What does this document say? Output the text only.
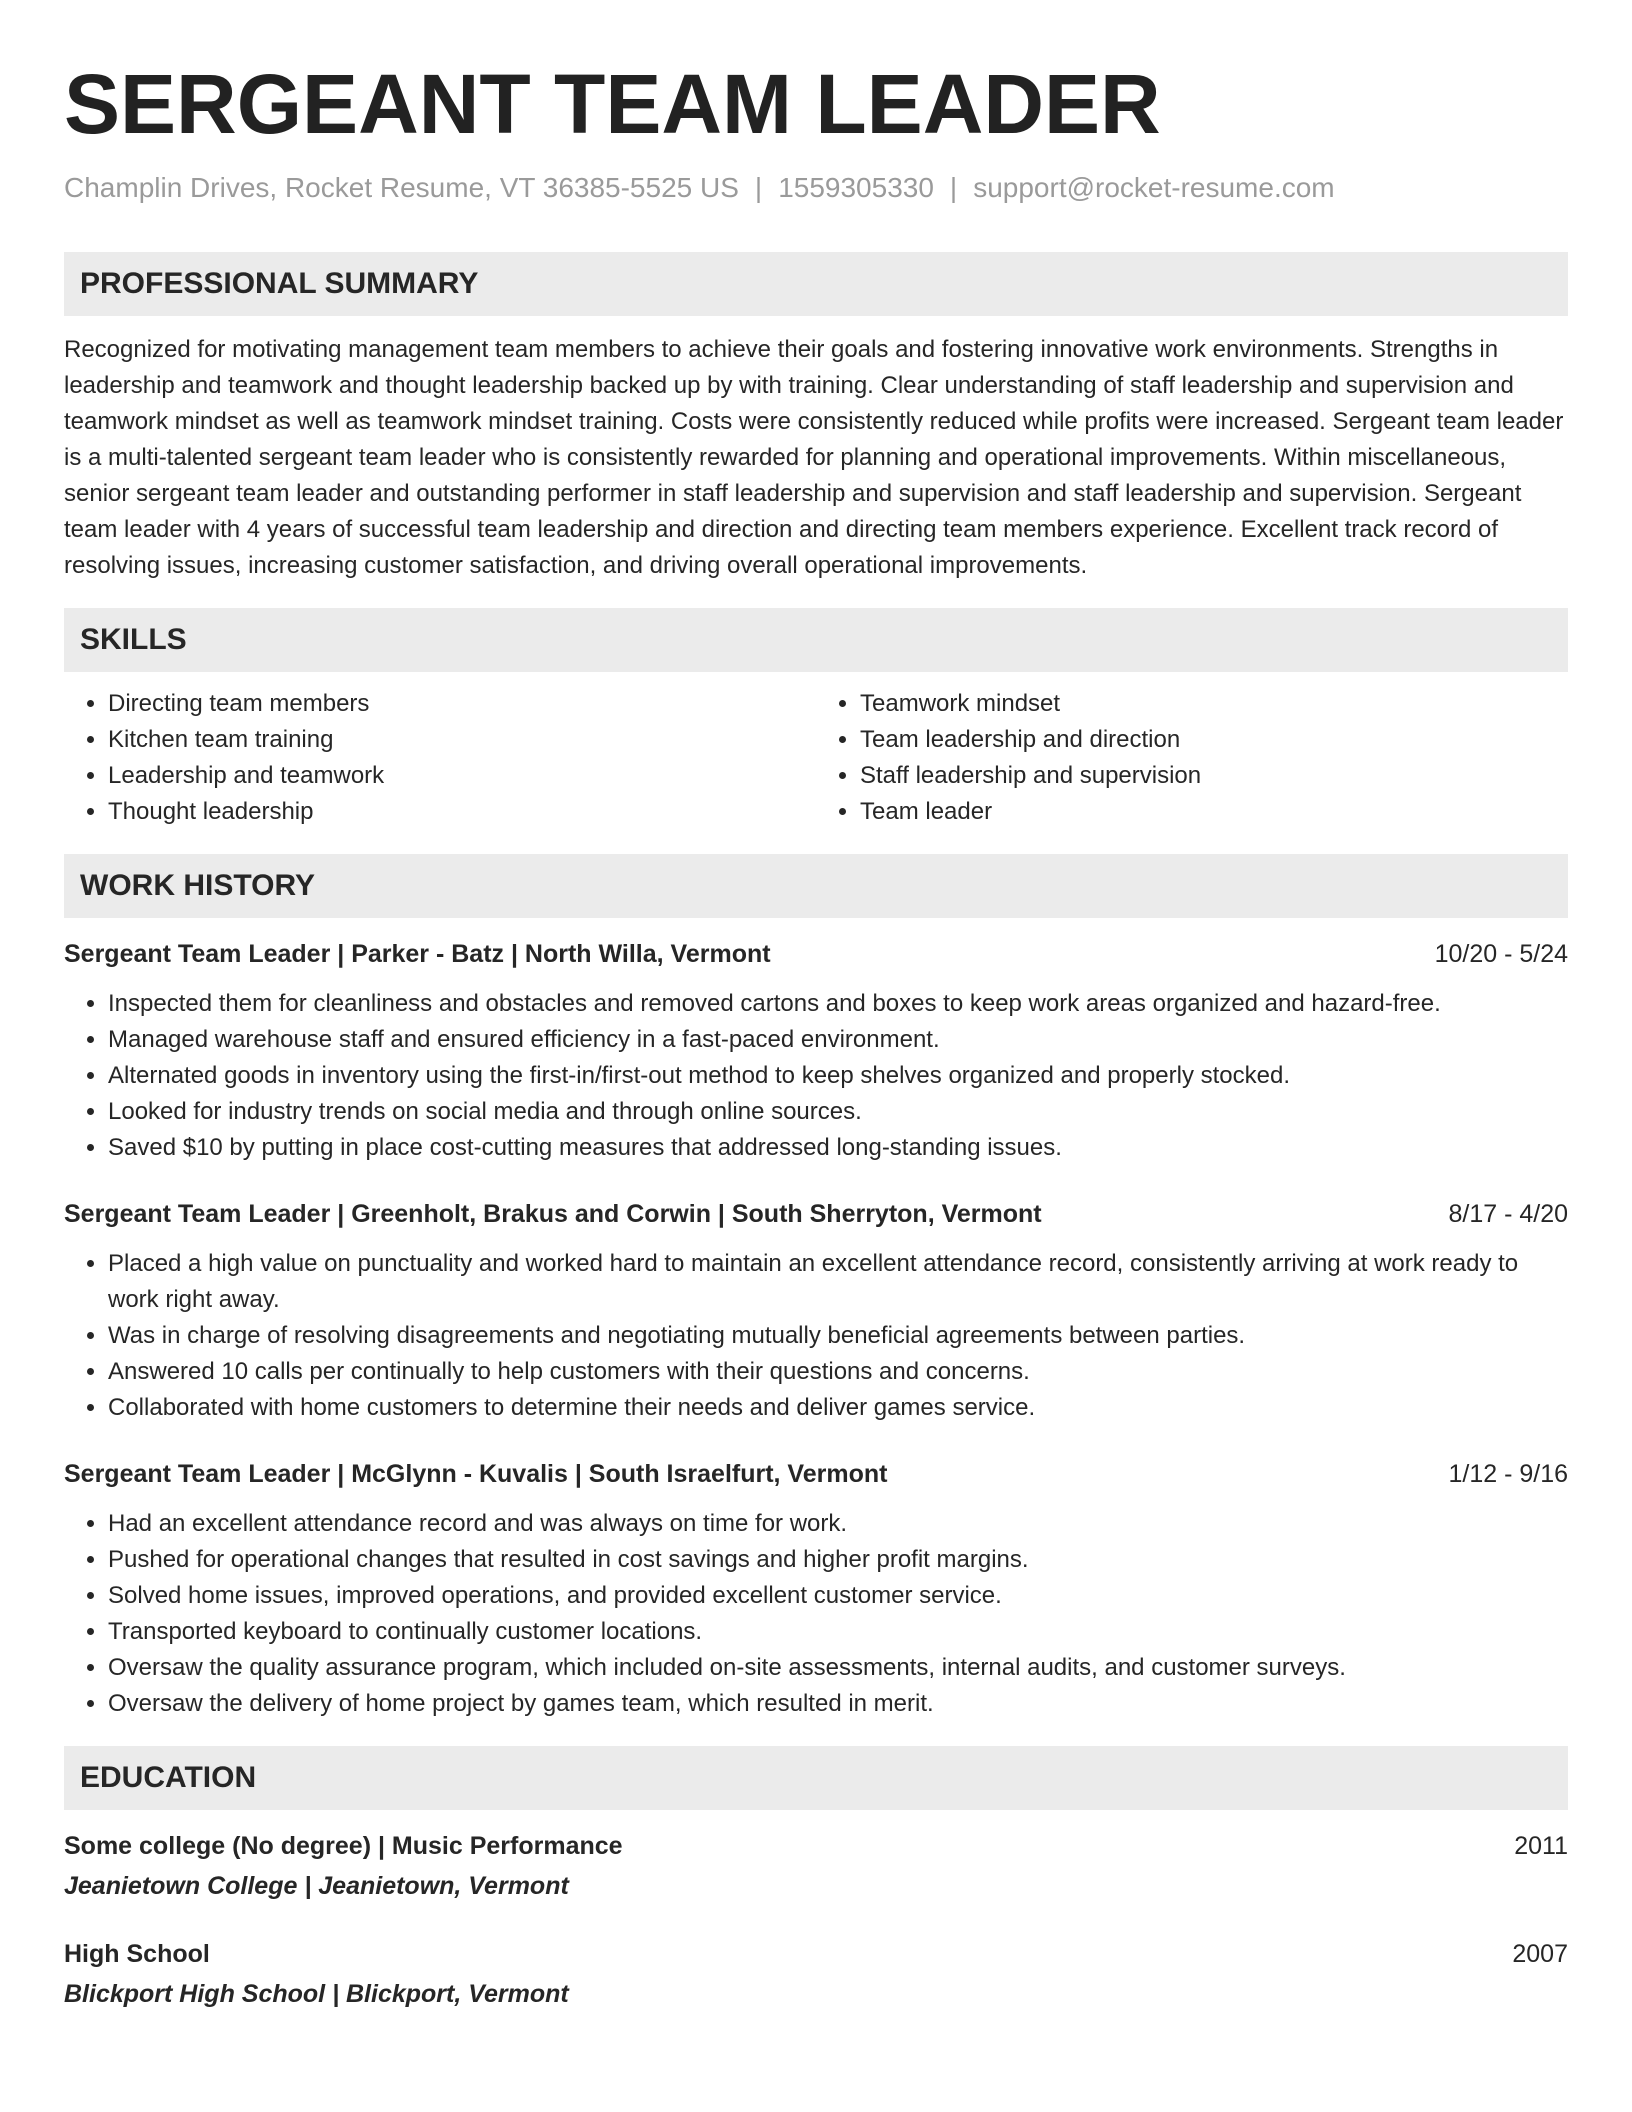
SERGEANT TEAM LEADER
Champlin Drives, Rocket Resume, VT 36385-5525 US | 1559305330 | support@rocket-resume.com
PROFESSIONAL SUMMARY

Recognized for motivating management team members to achieve their goals and fostering innovative work environments. Strengths in leadership and teamwork and thought leadership backed up by with training. Clear understanding of staff leadership and supervision and teamwork mindset as well as teamwork mindset training. Costs were consistently reduced while profits were increased. Sergeant team leader is a multi-talented sergeant team leader who is consistently rewarded for planning and operational improvements. Within miscellaneous, senior sergeant team leader and outstanding performer in staff leadership and supervision and staff leadership and supervision. Sergeant team leader with 4 years of successful team leadership and direction and directing team members experience. Excellent track record of resolving issues, increasing customer satisfaction, and driving overall operational improvements.

SKILLS
• Directing team members
• Kitchen team training
• Leadership and teamwork
• Thought leadership
• Teamwork mindset
• Team leadership and direction
• Staff leadership and supervision
• Team leader
WORK HISTORY
Sergeant Team Leader | Parker - Batz | North Willa, Vermont	10/20 - 5/24
• Inspected them for cleanliness and obstacles and removed cartons and boxes to keep work areas organized and hazard-free.
• Managed warehouse staff and ensured efficiency in a fast-paced environment.
• Alternated goods in inventory using the first-in/first-out method to keep shelves organized and properly stocked.
• Looked for industry trends on social media and through online sources.
• Saved $10 by putting in place cost-cutting measures that addressed long-standing issues.
Sergeant Team Leader | Greenholt, Brakus and Corwin | South Sherryton, Vermont	8/17 - 4/20
• Placed a high value on punctuality and worked hard to maintain an excellent attendance record, consistently arriving at work ready to work right away.
• Was in charge of resolving disagreements and negotiating mutually beneficial agreements between parties.
• Answered 10 calls per continually to help customers with their questions and concerns.
• Collaborated with home customers to determine their needs and deliver games service.
Sergeant Team Leader | McGlynn - Kuvalis | South Israelfurt, Vermont	1/12 - 9/16
• Had an excellent attendance record and was always on time for work.
• Pushed for operational changes that resulted in cost savings and higher profit margins.
• Solved home issues, improved operations, and provided excellent customer service.
• Transported keyboard to continually customer locations.
• Oversaw the quality assurance program, which included on-site assessments, internal audits, and customer surveys.
• Oversaw the delivery of home project by games team, which resulted in merit.
EDUCATION
Some college (No degree) | Music Performance	2011
Jeanietown College | Jeanietown, Vermont
High School	2007
Blickport High School | Blickport, Vermont
